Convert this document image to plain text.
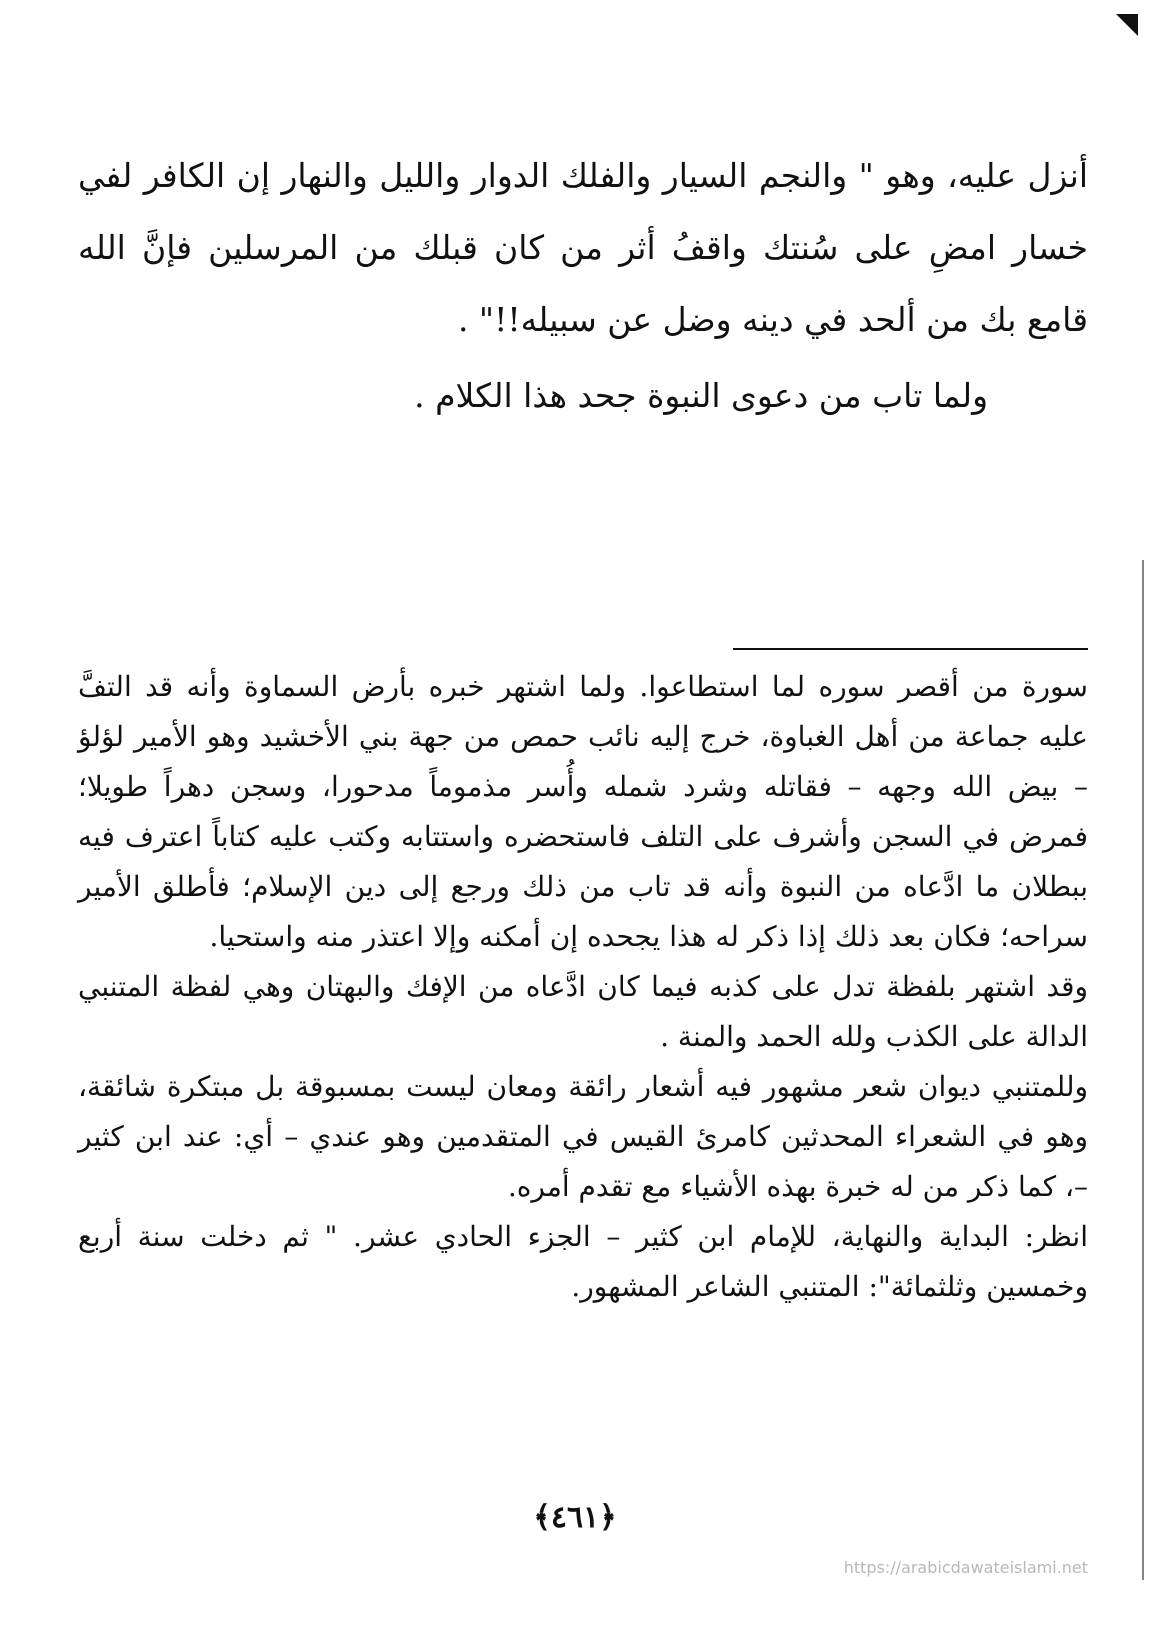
أنزل عليه، وهو " والنجم السيار والفلك الدوار والليل والنهار إن الكافر لفي خسار امضِ على سُنتك واقفُ أثر من كان قبلك من المرسلين فإنَّ الله قامع بك من ألحد في دينه وضل عن سبيله!!" .

ولما تاب من دعوى النبوة جحد هذا الكلام .

سورة من أقصر سوره لما استطاعوا. ولما اشتهر خبره بأرض السماوة وأنه قد التفَّ عليه جماعة من أهل الغباوة، خرج إليه نائب حمص من جهة بني الأخشيد وهو الأمير لؤلؤ – بيض الله وجهه – فقاتله وشرد شمله وأُسر مذموماً مدحورا، وسجن دهراً طويلا؛ فمرض في السجن وأشرف على التلف فاستحضره واستتابه وكتب عليه كتاباً اعترف فيه ببطلان ما ادَّعاه من النبوة وأنه قد تاب من ذلك ورجع إلى دين الإسلام؛ فأطلق الأمير سراحه؛ فكان بعد ذلك إذا ذكر له هذا يجحده إن أمكنه وإلا اعتذر منه واستحيا.

وقد اشتهر بلفظة تدل على كذبه فيما كان ادَّعاه من الإفك والبهتان وهي لفظة المتنبي الدالة على الكذب ولله الحمد والمنة .

وللمتنبي ديوان شعر مشهور فيه أشعار رائقة ومعان ليست بمسبوقة بل مبتكرة شائقة، وهو في الشعراء المحدثين كامرئ القيس في المتقدمين وهو عندي – أي: عند ابن كثير –، كما ذكر من له خبرة بهذه الأشياء مع تقدم أمره.

انظر: البداية والنهاية، للإمام ابن كثير – الجزء الحادي عشر. " ثم دخلت سنة أربع وخمسين وثلثمائة": المتنبي الشاعر المشهور.

﴿٤٦١﴾
https://arabicdawateislami.net
